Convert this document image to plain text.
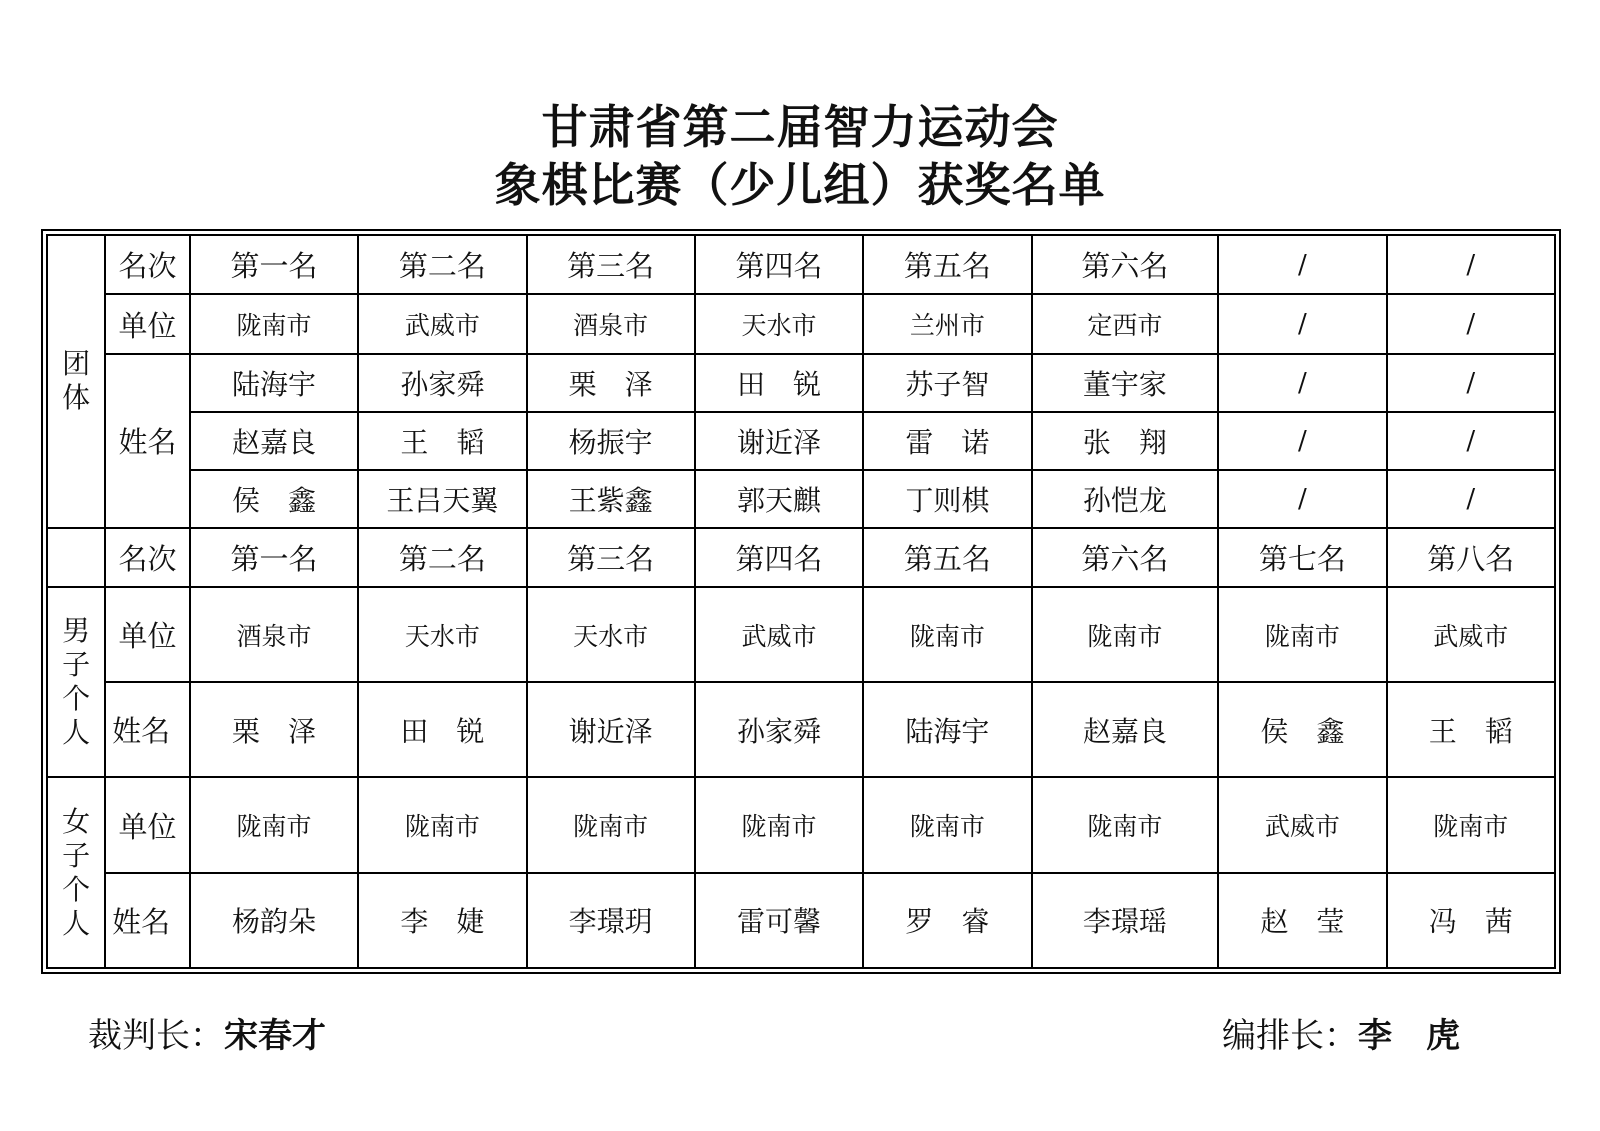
甘肃省第二届智力运动会
象棋比赛（少儿组）获奖名单
团
体	名次	第一名	第二名	第三名	第四名	第五名	第六名	/	/
	单位	陇南市	武威市	酒泉市	天水市	兰州市	定西市	/	/
	姓名	陆海宇	孙家舜	栗　泽	田　锐	苏子智	董宇家	/	/
		赵嘉良	王　韬	杨振宇	谢近泽	雷　诺	张　翔	/	/
		侯　鑫	王吕天翼	王紫鑫	郭天麒	丁则棋	孙恺龙	/	/
	名次	第一名	第二名	第三名	第四名	第五名	第六名	第七名	第八名

男
子
个
人	单位	酒泉市	天水市	天水市	武威市	陇南市	陇南市	陇南市	武威市
	姓名	栗　泽	田　锐	谢近泽	孙家舜	陆海宇	赵嘉良	侯　鑫	王　韬

女
子
个
人	单位	陇南市	陇南市	陇南市	陇南市	陇南市	陇南市	武威市	陇南市
	姓名	杨韵朵	李　婕	李璟玥	雷可馨	罗　睿	李璟瑶	赵　莹	冯　茜
裁判长：宋春才	编排长：李　虎
